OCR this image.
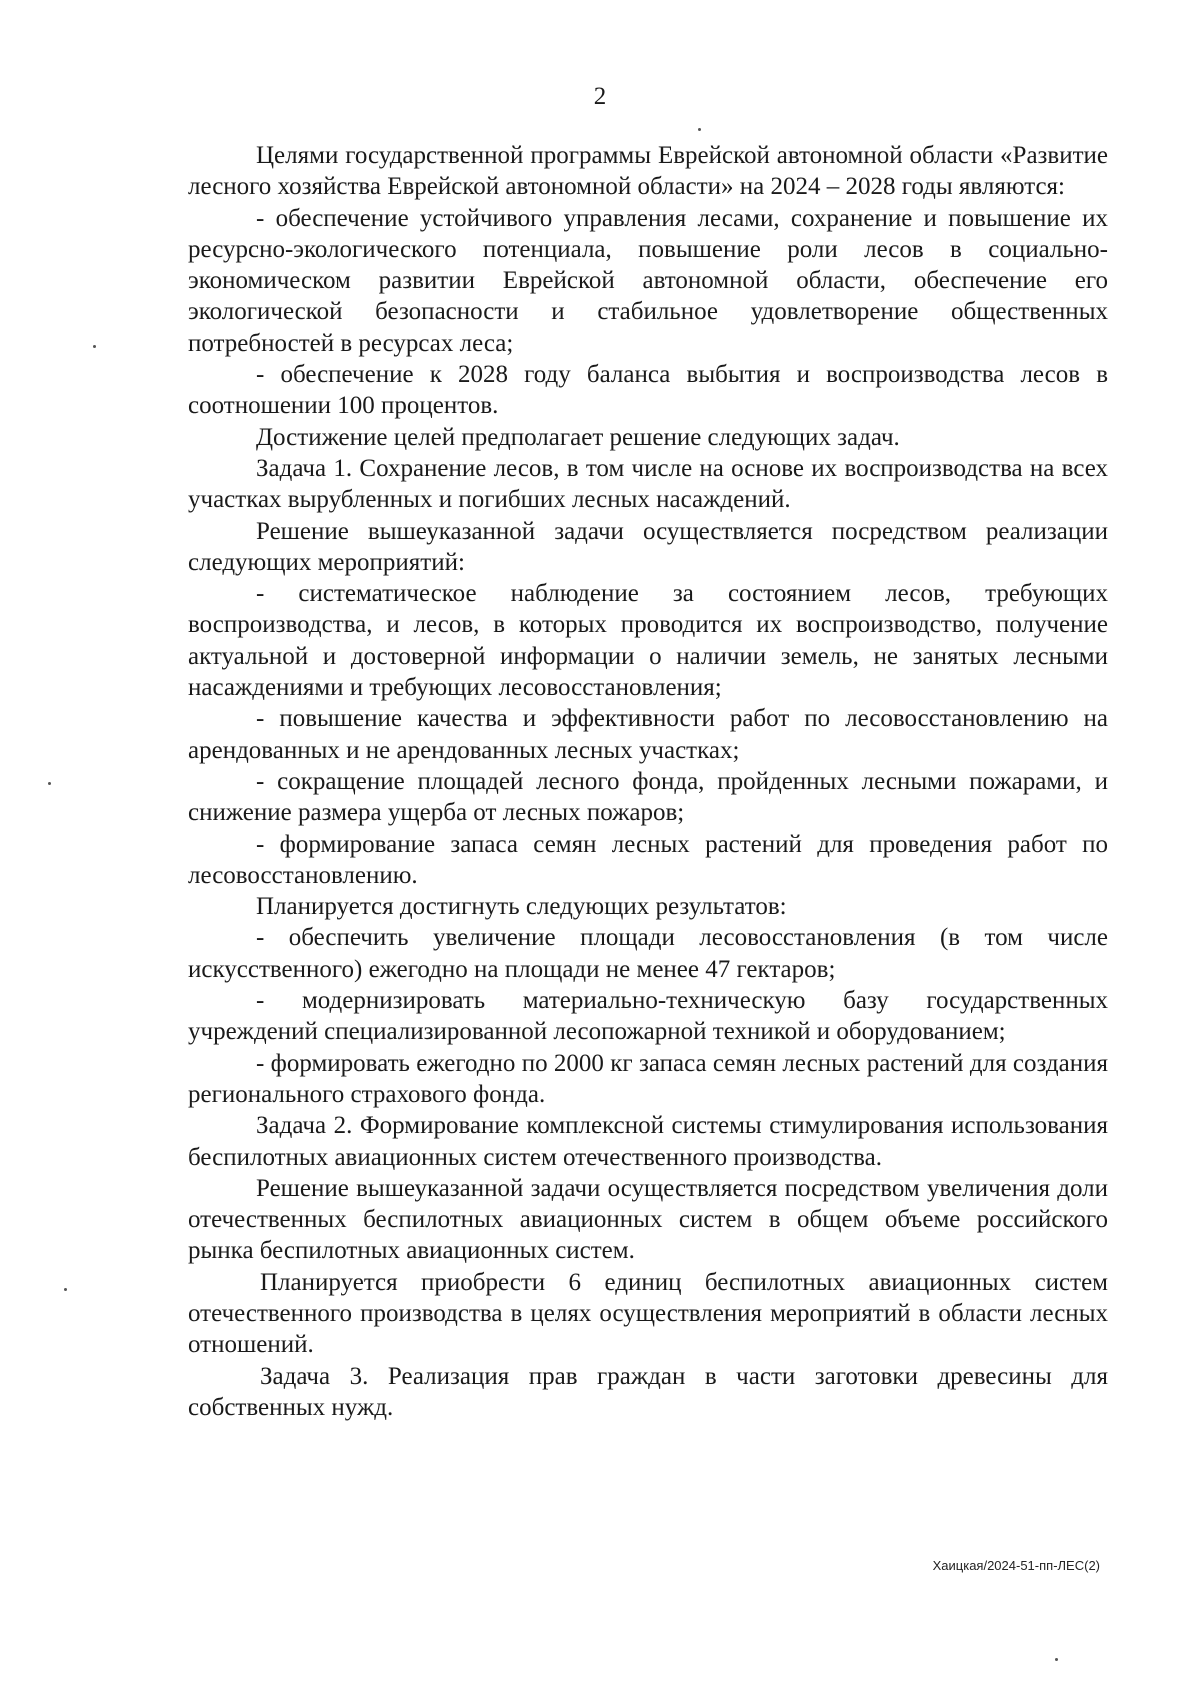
2

Целями государственной программы Еврейской автономной области «Развитие лесного хозяйства Еврейской автономной области» на 2024 – 2028 годы являются:

- обеспечение устойчивого управления лесами, сохранение и повышение их ресурсно-экологического потенциала, повышение роли лесов в социально-экономическом развитии Еврейской автономной области, обеспечение его экологической безопасности и стабильное удовлетворение общественных потребностей в ресурсах леса;

- обеспечение к 2028 году баланса выбытия и воспроизводства лесов в соотношении 100 процентов.

Достижение целей предполагает решение следующих задач.

Задача 1. Сохранение лесов, в том числе на основе их воспроизводства на всех участках вырубленных и погибших лесных насаждений.

Решение вышеуказанной задачи осуществляется посредством реализации следующих мероприятий:

- систематическое наблюдение за состоянием лесов, требующих воспроизводства, и лесов, в которых проводится их воспроизводство, получение актуальной и достоверной информации о наличии земель, не занятых лесными насаждениями и требующих лесовосстановления;

- повышение качества и эффективности работ по лесовосстановлению на арендованных и не арендованных лесных участках;

- сокращение площадей лесного фонда, пройденных лесными пожарами, и снижение размера ущерба от лесных пожаров;

- формирование запаса семян лесных растений для проведения работ по лесовосстановлению.

Планируется достигнуть следующих результатов:

- обеспечить увеличение площади лесовосстановления (в том числе искусственного) ежегодно на площади не менее 47 гектаров;

- модернизировать материально-техническую базу государственных учреждений специализированной лесопожарной техникой и оборудованием;

- формировать ежегодно по 2000 кг запаса семян лесных растений для создания регионального страхового фонда.

Задача 2. Формирование комплексной системы стимулирования использования беспилотных авиационных систем отечественного производства.

Решение вышеуказанной задачи осуществляется посредством увеличения доли отечественных беспилотных авиационных систем в общем объеме российского рынка беспилотных авиационных систем.

Планируется приобрести 6 единиц беспилотных авиационных систем отечественного производства в целях осуществления мероприятий в области лесных отношений.

Задача 3. Реализация прав граждан в части заготовки древесины для собственных нужд.

Хаицкая/2024-51-пп-ЛЕС(2)
